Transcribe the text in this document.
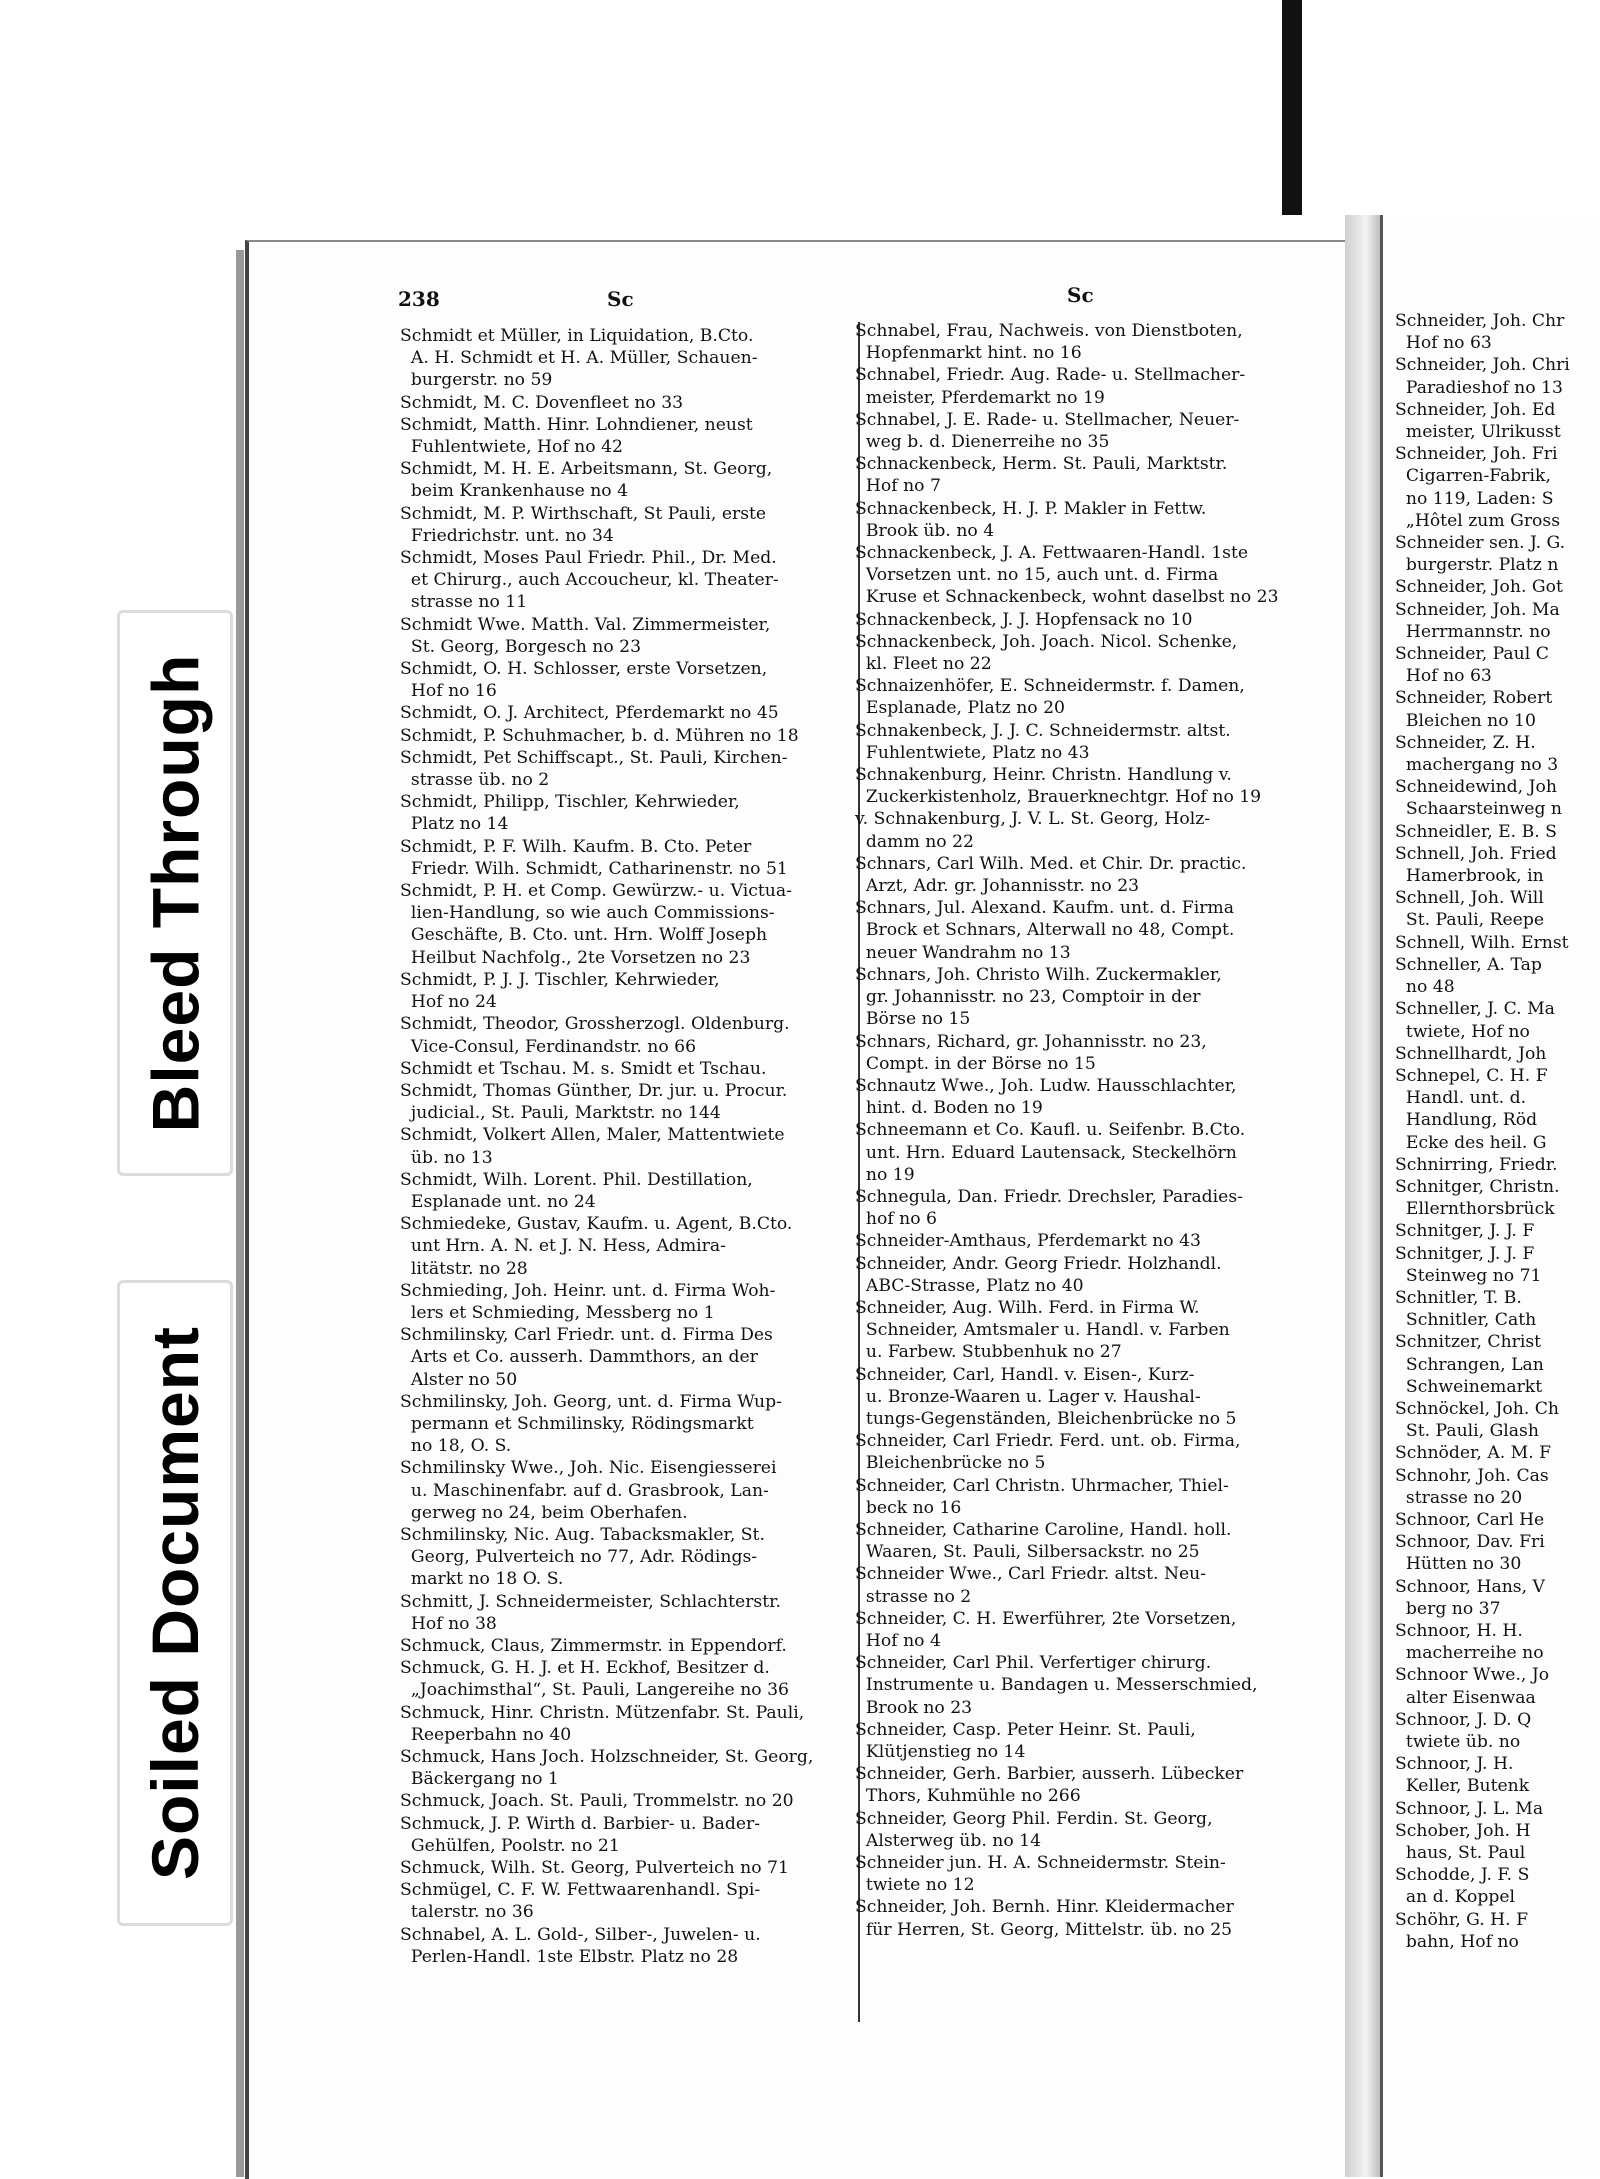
Bleed Through
Soiled Document
238	Sc	Sc
Schmidt et Müller, in Liquidation, B.Cto.
A. H. Schmidt et H. A. Müller, Schauen-
burgerstr. no 59
Schmidt, M. C. Dovenfleet no 33
Schmidt, Matth. Hinr. Lohndiener, neust
Fuhlentwiete, Hof no 42
Schmidt, M. H. E. Arbeitsmann, St. Georg,
beim Krankenhause no 4
Schmidt, M. P. Wirthschaft, St Pauli, erste
Friedrichstr. unt. no 34
Schmidt, Moses Paul Friedr. Phil., Dr. Med.
et Chirurg., auch Accoucheur, kl. Theater-
strasse no 11
Schmidt Wwe. Matth. Val. Zimmermeister,
St. Georg, Borgesch no 23
Schmidt, O. H. Schlosser, erste Vorsetzen,
Hof no 16
Schmidt, O. J. Architect, Pferdemarkt no 45
Schmidt, P. Schuhmacher, b. d. Mühren no 18
Schmidt, Pet Schiffscapt., St. Pauli, Kirchen-
strasse üb. no 2
Schmidt, Philipp, Tischler, Kehrwieder,
Platz no 14
Schmidt, P. F. Wilh. Kaufm. B. Cto. Peter
Friedr. Wilh. Schmidt, Catharinenstr. no 51
Schmidt, P. H. et Comp. Gewürzw.- u. Victua-
lien-Handlung, so wie auch Commissions-
Geschäfte, B. Cto. unt. Hrn. Wolff Joseph
Heilbut Nachfolg., 2te Vorsetzen no 23
Schmidt, P. J. J. Tischler, Kehrwieder,
Hof no 24
Schmidt, Theodor, Grossherzogl. Oldenburg.
Vice-Consul, Ferdinandstr. no 66
Schmidt et Tschau. M. s. Smidt et Tschau.
Schmidt, Thomas Günther, Dr. jur. u. Procur.
judicial., St. Pauli, Marktstr. no 144
Schmidt, Volkert Allen, Maler, Mattentwiete
üb. no 13
Schmidt, Wilh. Lorent. Phil. Destillation,
Esplanade unt. no 24
Schmiedeke, Gustav, Kaufm. u. Agent, B.Cto.
unt Hrn. A. N. et J. N. Hess, Admira-
litätstr. no 28
Schmieding, Joh. Heinr. unt. d. Firma Woh-
lers et Schmieding, Messberg no 1
Schmilinsky, Carl Friedr. unt. d. Firma Des
Arts et Co. ausserh. Dammthors, an der
Alster no 50
Schmilinsky, Joh. Georg, unt. d. Firma Wup-
permann et Schmilinsky, Rödingsmarkt
no 18, O. S.
Schmilinsky Wwe., Joh. Nic. Eisengiesserei
u. Maschinenfabr. auf d. Grasbrook, Lan-
gerweg no 24, beim Oberhafen.
Schmilinsky, Nic. Aug. Tabacksmakler, St.
Georg, Pulverteich no 77, Adr. Rödings-
markt no 18 O. S.
Schmitt, J. Schneidermeister, Schlachterstr.
Hof no 38
Schmuck, Claus, Zimmermstr. in Eppendorf.
Schmuck, G. H. J. et H. Eckhof, Besitzer d.
„Joachimsthal“, St. Pauli, Langereihe no 36
Schmuck, Hinr. Christn. Mützenfabr. St. Pauli,
Reeperbahn no 40
Schmuck, Hans Joch. Holzschneider, St. Georg,
Bäckergang no 1
Schmuck, Joach. St. Pauli, Trommelstr. no 20
Schmuck, J. P. Wirth d. Barbier- u. Bader-
Gehülfen, Poolstr. no 21
Schmuck, Wilh. St. Georg, Pulverteich no 71
Schmügel, C. F. W. Fettwaarenhandl. Spi-
talerstr. no 36
Schnabel, A. L. Gold-, Silber-, Juwelen- u.
Perlen-Handl. 1ste Elbstr. Platz no 28
Schnabel, Frau, Nachweis. von Dienstboten,
Hopfenmarkt hint. no 16
Schnabel, Friedr. Aug. Rade- u. Stellmacher-
meister, Pferdemarkt no 19
Schnabel, J. E. Rade- u. Stellmacher, Neuer-
weg b. d. Dienerreihe no 35
Schnackenbeck, Herm. St. Pauli, Marktstr.
Hof no 7
Schnackenbeck, H. J. P. Makler in Fettw.
Brook üb. no 4
Schnackenbeck, J. A. Fettwaaren-Handl. 1ste
Vorsetzen unt. no 15, auch unt. d. Firma
Kruse et Schnackenbeck, wohnt daselbst no 23
Schnackenbeck, J. J. Hopfensack no 10
Schnackenbeck, Joh. Joach. Nicol. Schenke,
kl. Fleet no 22
Schnaizenhöfer, E. Schneidermstr. f. Damen,
Esplanade, Platz no 20
Schnakenbeck, J. J. C. Schneidermstr. altst.
Fuhlentwiete, Platz no 43
Schnakenburg, Heinr. Christn. Handlung v.
Zuckerkistenholz, Brauerknechtgr. Hof no 19
v. Schnakenburg, J. V. L. St. Georg, Holz-
damm no 22
Schnars, Carl Wilh. Med. et Chir. Dr. practic.
Arzt, Adr. gr. Johannisstr. no 23
Schnars, Jul. Alexand. Kaufm. unt. d. Firma
Brock et Schnars, Alterwall no 48, Compt.
neuer Wandrahm no 13
Schnars, Joh. Christo Wilh. Zuckermakler,
gr. Johannisstr. no 23, Comptoir in der
Börse no 15
Schnars, Richard, gr. Johannisstr. no 23,
Compt. in der Börse no 15
Schnautz Wwe., Joh. Ludw. Hausschlachter,
hint. d. Boden no 19
Schneemann et Co. Kaufl. u. Seifenbr. B.Cto.
unt. Hrn. Eduard Lautensack, Steckelhörn
no 19
Schnegula, Dan. Friedr. Drechsler, Paradies-
hof no 6
Schneider-Amthaus, Pferdemarkt no 43
Schneider, Andr. Georg Friedr. Holzhandl.
ABC-Strasse, Platz no 40
Schneider, Aug. Wilh. Ferd. in Firma W.
Schneider, Amtsmaler u. Handl. v. Farben
u. Farbew. Stubbenhuk no 27
Schneider, Carl, Handl. v. Eisen-, Kurz-
u. Bronze-Waaren u. Lager v. Haushal-
tungs-Gegenständen, Bleichenbrücke no 5
Schneider, Carl Friedr. Ferd. unt. ob. Firma,
Bleichenbrücke no 5
Schneider, Carl Christn. Uhrmacher, Thiel-
beck no 16
Schneider, Catharine Caroline, Handl. holl.
Waaren, St. Pauli, Silbersackstr. no 25
Schneider Wwe., Carl Friedr. altst. Neu-
strasse no 2
Schneider, C. H. Ewerführer, 2te Vorsetzen,
Hof no 4
Schneider, Carl Phil. Verfertiger chirurg.
Instrumente u. Bandagen u. Messerschmied,
Brook no 23
Schneider, Casp. Peter Heinr. St. Pauli,
Klütjenstieg no 14
Schneider, Gerh. Barbier, ausserh. Lübecker
Thors, Kuhmühle no 266
Schneider, Georg Phil. Ferdin. St. Georg,
Alsterweg üb. no 14
Schneider jun. H. A. Schneidermstr. Stein-
twiete no 12
Schneider, Joh. Bernh. Hinr. Kleidermacher
für Herren, St. Georg, Mittelstr. üb. no 25
Schneider, Joh. Chr
Hof no 63
Schneider, Joh. Chri
Paradieshof no 13
Schneider, Joh. Ed
meister, Ulrikusst
Schneider, Joh. Fri
Cigarren-Fabrik,
no 119, Laden: S
„Hôtel zum Gross
Schneider sen. J. G.
burgerstr. Platz n
Schneider, Joh. Got
Schneider, Joh. Ma
Herrmannstr. no
Schneider, Paul C
Hof no 63
Schneider, Robert
Bleichen no 10
Schneider, Z. H.
machergang no 3
Schneidewind, Joh
Schaarsteinweg n
Schneidler, E. B. S
Schnell, Joh. Fried
Hamerbrook, in
Schnell, Joh. Will
St. Pauli, Reepe
Schnell, Wilh. Ernst
Schneller, A. Tap
no 48
Schneller, J. C. Ma
twiete, Hof no
Schnellhardt, Joh
Schnepel, C. H. F
Handl. unt. d.
Handlung, Röd
Ecke des heil. G
Schnirring, Friedr.
Schnitger, Christn.
Ellernthorsbrück
Schnitger, J. J. F
Schnitger, J. J. F
Steinweg no 71
Schnitler, T. B.
Schnitler, Cath
Schnitzer, Christ
Schrangen, Lan
Schweinemarkt
Schnöckel, Joh. Ch
St. Pauli, Glash
Schnöder, A. M. F
Schnohr, Joh. Cas
strasse no 20
Schnoor, Carl He
Schnoor, Dav. Fri
Hütten no 30
Schnoor, Hans, V
berg no 37
Schnoor, H. H.
macherreihe no
Schnoor Wwe., Jo
alter Eisenwaa
Schnoor, J. D. Q
twiete üb. no
Schnoor, J. H.
Keller, Butenk
Schnoor, J. L. Ma
Schober, Joh. H
haus, St. Paul
Schodde, J. F. S
an d. Koppel
Schöhr, G. H. F
bahn, Hof no
